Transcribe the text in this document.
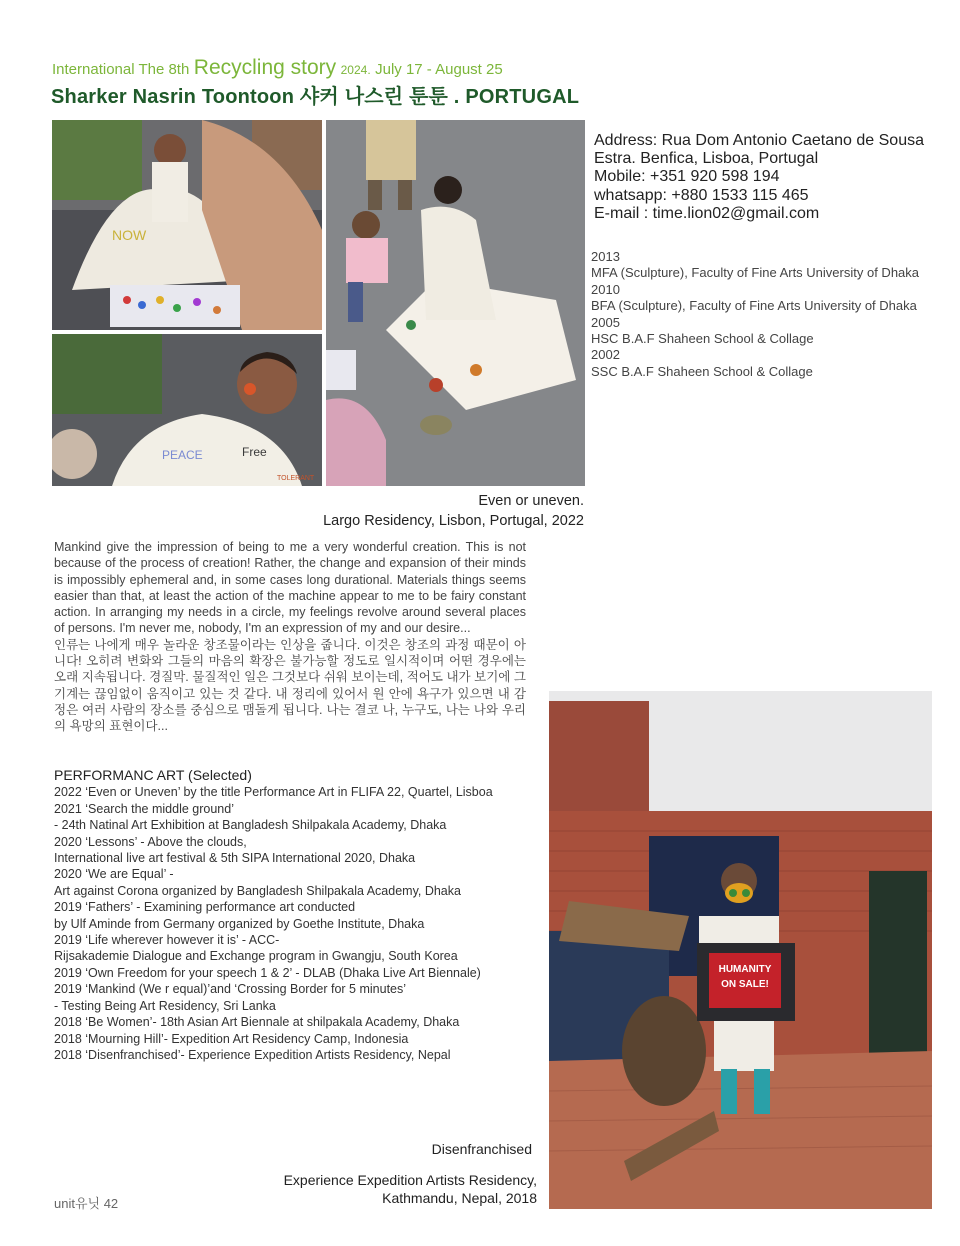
International The 8th Recycling story 2024. July 17 - August 25
Sharker Nasrin Toontoon 샤커 나스린 툰툰 . PORTUGAL
NOW
PEACE	Free
TOLERANT
Address: Rua Dom Antonio Caetano de Sousa
Estra. Benfica, Lisboa, Portugal
Mobile: +351 920 598 194
whatsapp: +880 1533 115 465
E-mail : time.lion02@gmail.com
2013
MFA (Sculpture), Faculty of Fine Arts University of Dhaka
2010
BFA (Sculpture), Faculty of Fine Arts University of Dhaka
2005
HSC B.A.F Shaheen School & Collage
2002
SSC B.A.F Shaheen School & Collage
Even or uneven.
Largo Residency, Lisbon, Portugal, 2022

Mankind give the impression of being to me a very wonderful creation. This is not because of the process of creation! Rather, the change and expansion of their minds is impossibly ephemeral and, in some cases long durational. Materials things seems easier than that, at least the action of the machine appear to me to be fairy constant action. In arranging my needs in a circle, my feelings revolve around several places of persons. I'm never me, nobody, I'm an expression of my and our desire...

인류는 나에게 매우 놀라운 창조물이라는 인상을 줍니다. 이것은 창조의 과정 때문이 아니다! 오히려 변화와 그들의 마음의 확장은 불가능할 정도로 일시적이며 어떤 경우에는 오래 지속됩니다. 경질막. 물질적인 일은 그것보다 쉬워 보이는데, 적어도 내가 보기에 그 기계는 끊임없이 움직이고 있는 것 같다. 내 정리에 있어서 원 안에 욕구가 있으면 내 감정은 여러 사람의 장소를 중심으로 맴돌게 됩니다. 나는 결코 나, 누구도, 나는 나와 우리의 욕망의 표현이다...

PERFORMANC ART (Selected)
2022 ‘Even or Uneven’ by the title Performance Art in FLIFA 22, Quartel, Lisboa
2021 ‘Search the middle ground’
- 24th Natinal Art Exhibition at Bangladesh Shilpakala Academy, Dhaka
2020 ‘Lessons’ - Above the clouds,
International live art festival & 5th SIPA International 2020, Dhaka
2020 ‘We are Equal’ -
Art against Corona organized by Bangladesh Shilpakala Academy, Dhaka
2019 ‘Fathers’ - Examining performance art conducted
by Ulf Aminde from Germany organized by Goethe Institute, Dhaka
2019 ‘Life wherever however it is’ - ACC-
Rijsakademie Dialogue and Exchange program in Gwangju, South Korea
2019 ‘Own Freedom for your speech 1 & 2’ - DLAB (Dhaka Live Art Biennale)
2019 ‘Mankind (We r equal)’and ‘Crossing Border for 5 minutes’
- Testing Being Art Residency, Sri Lanka
2018 ‘Be Women’- 18th Asian Art Biennale at shilpakala Academy, Dhaka
2018 ‘Mourning Hill’- Expedition Art Residency Camp, Indonesia
2018 ‘Disenfranchised’- Experience Expedition Artists Residency, Nepal
HUMANITY
ON SALE!
Disenfranchised
Experience Expedition Artists Residency,
Kathmandu, Nepal, 2018
unit유닛 42
